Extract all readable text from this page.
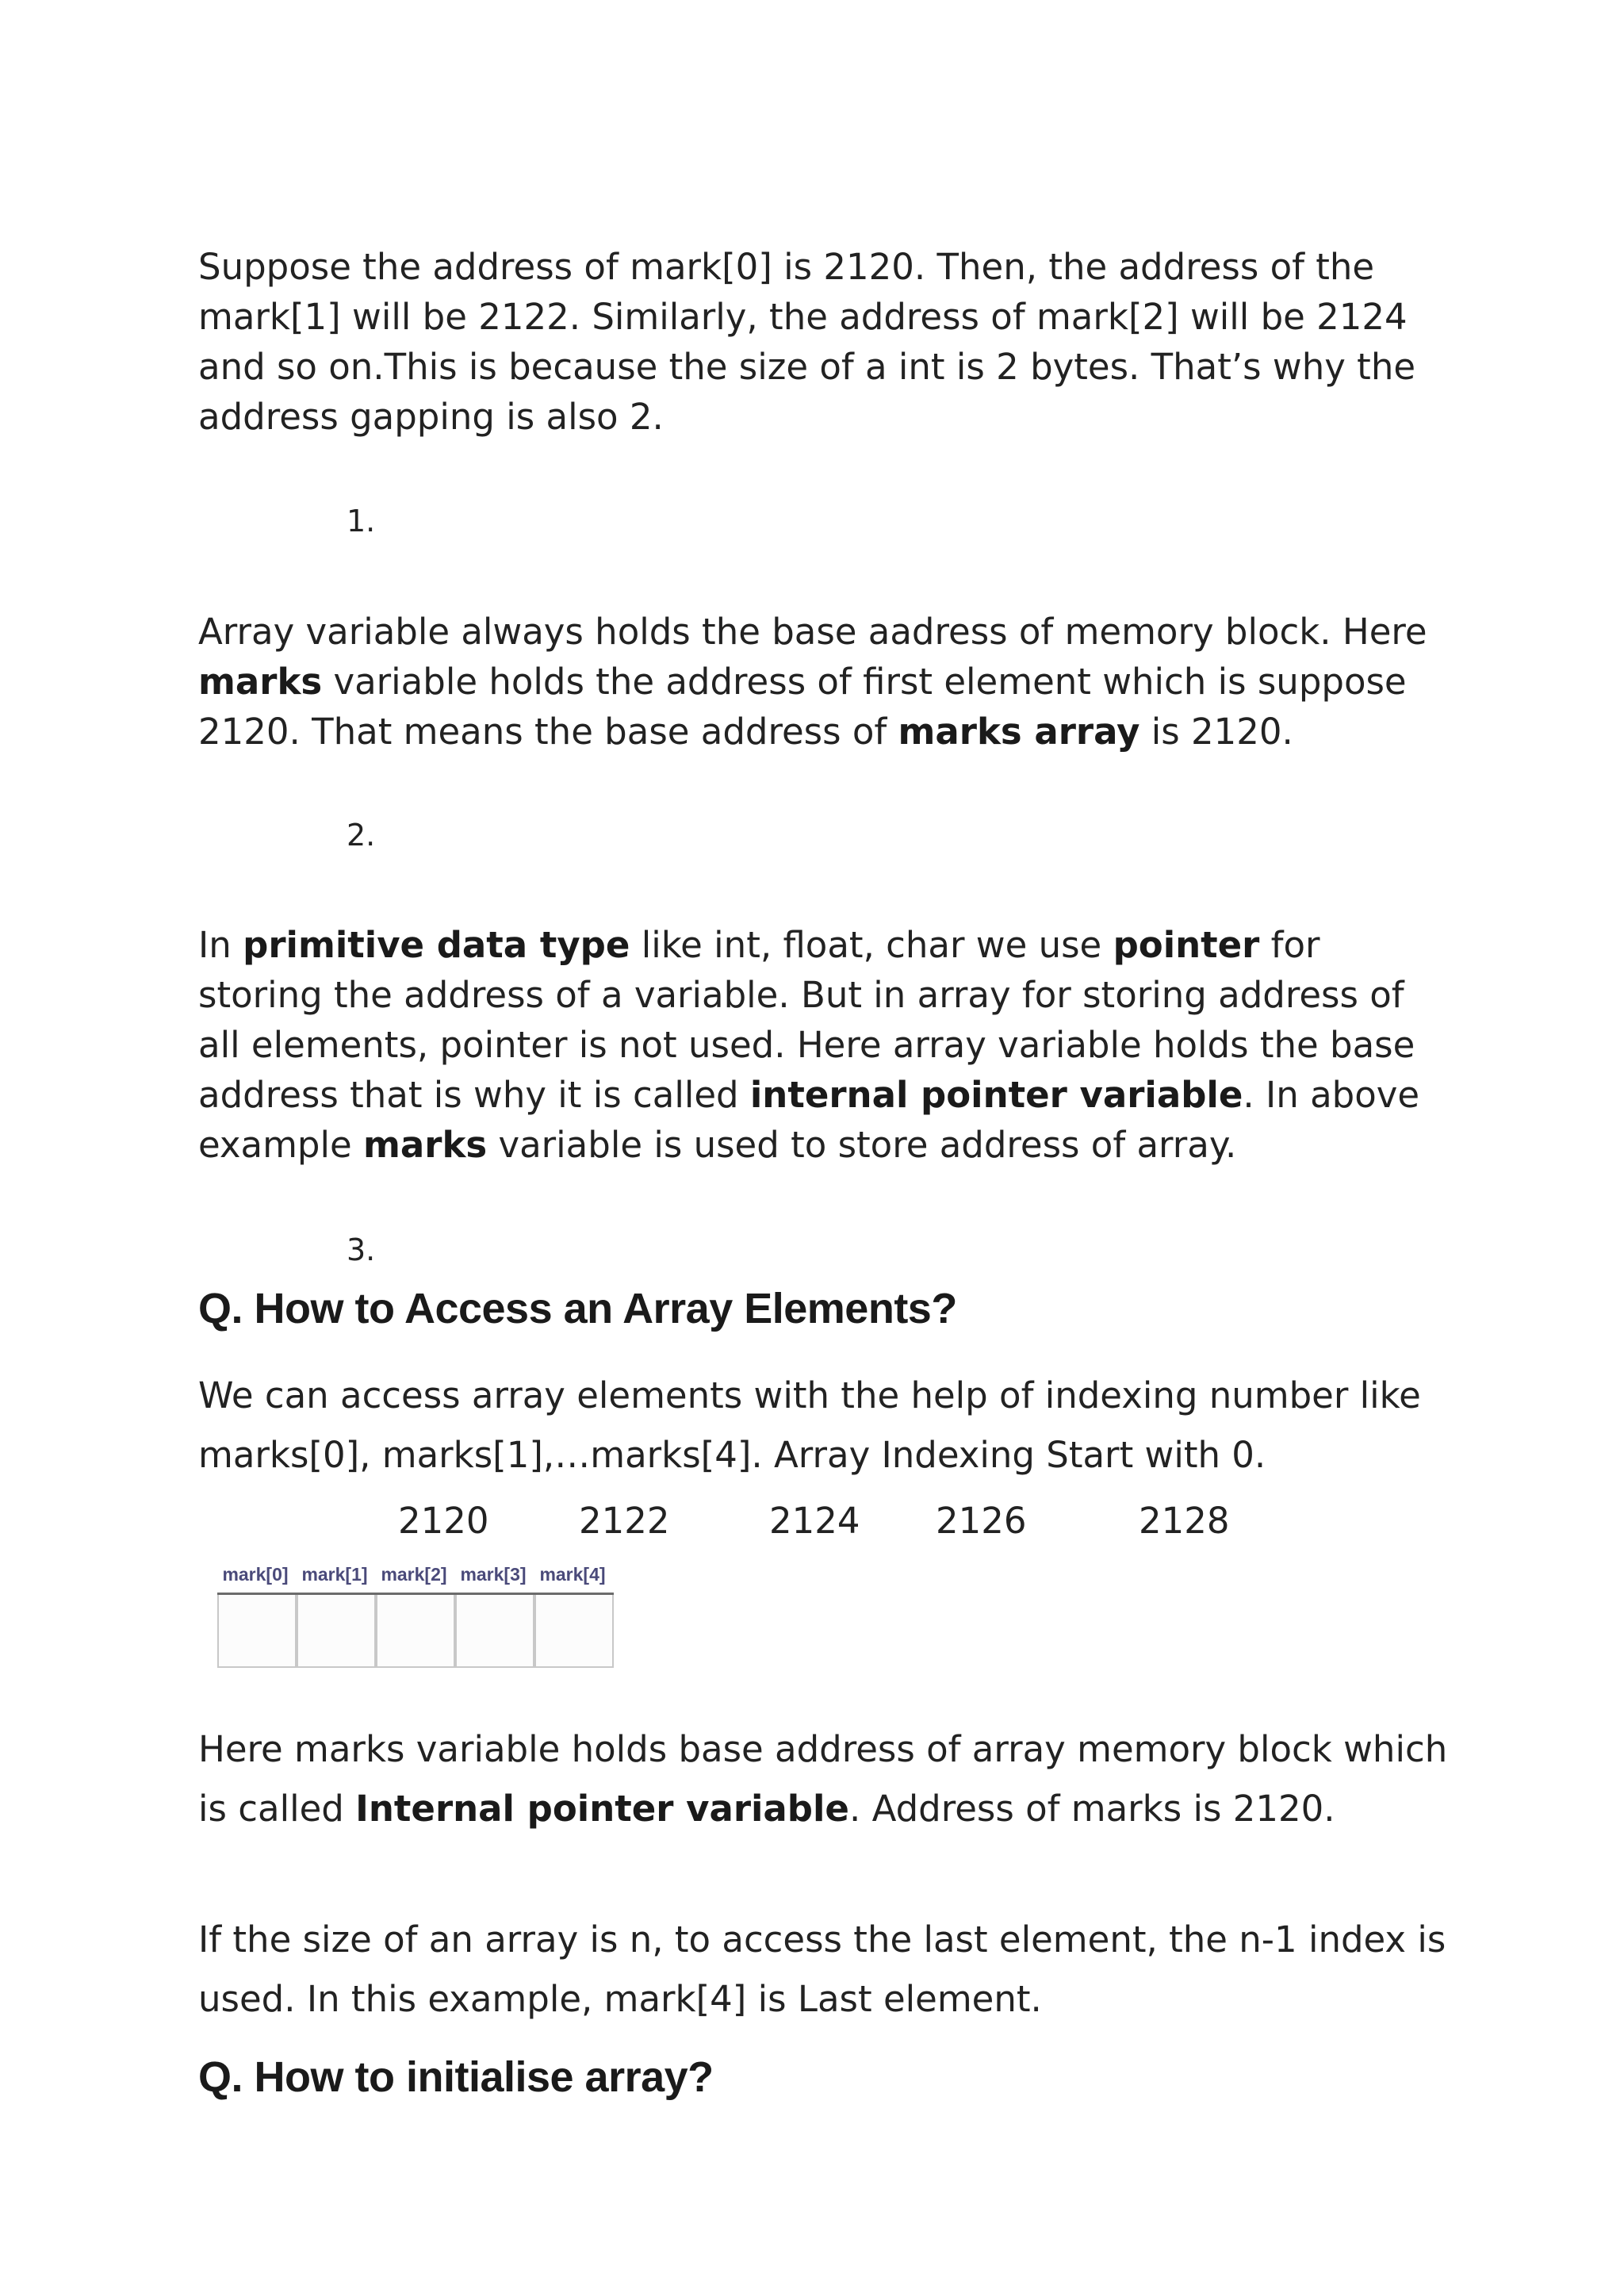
Suppose the address of mark[0] is 2120. Then, the address of the mark[1] will be 2122. Similarly, the address of mark[2] will be 2124 and so on.This is because the size of a int is 2 bytes. That’s why the address gapping is also 2.

1.

Array variable always holds the base aadress of memory block. Here marks variable holds the address of first element which is suppose 2120. That means the base address of marks array is 2120.

2.

In primitive data type like int, float, char we use pointer for storing the address of a variable. But in array for storing address of all elements, pointer is not used. Here array variable holds the base address that is why it is called internal pointer variable. In above example marks variable is used to store address of array.

3.
Q. How to Access an Array Elements?

We can access array elements with the help of indexing number like marks[0], marks[1],…marks[4]. Array Indexing Start with 0.

2120	2122	2124 2126	2128
mark[0] mark[1] mark[2] mark[3] mark[4]

Here marks variable holds base address of array memory block which is called Internal pointer variable. Address of marks is 2120.

If the size of an array is n, to access the last element, the n-1 index is used. In this example, mark[4] is Last element.

Q. How to initialise array?
